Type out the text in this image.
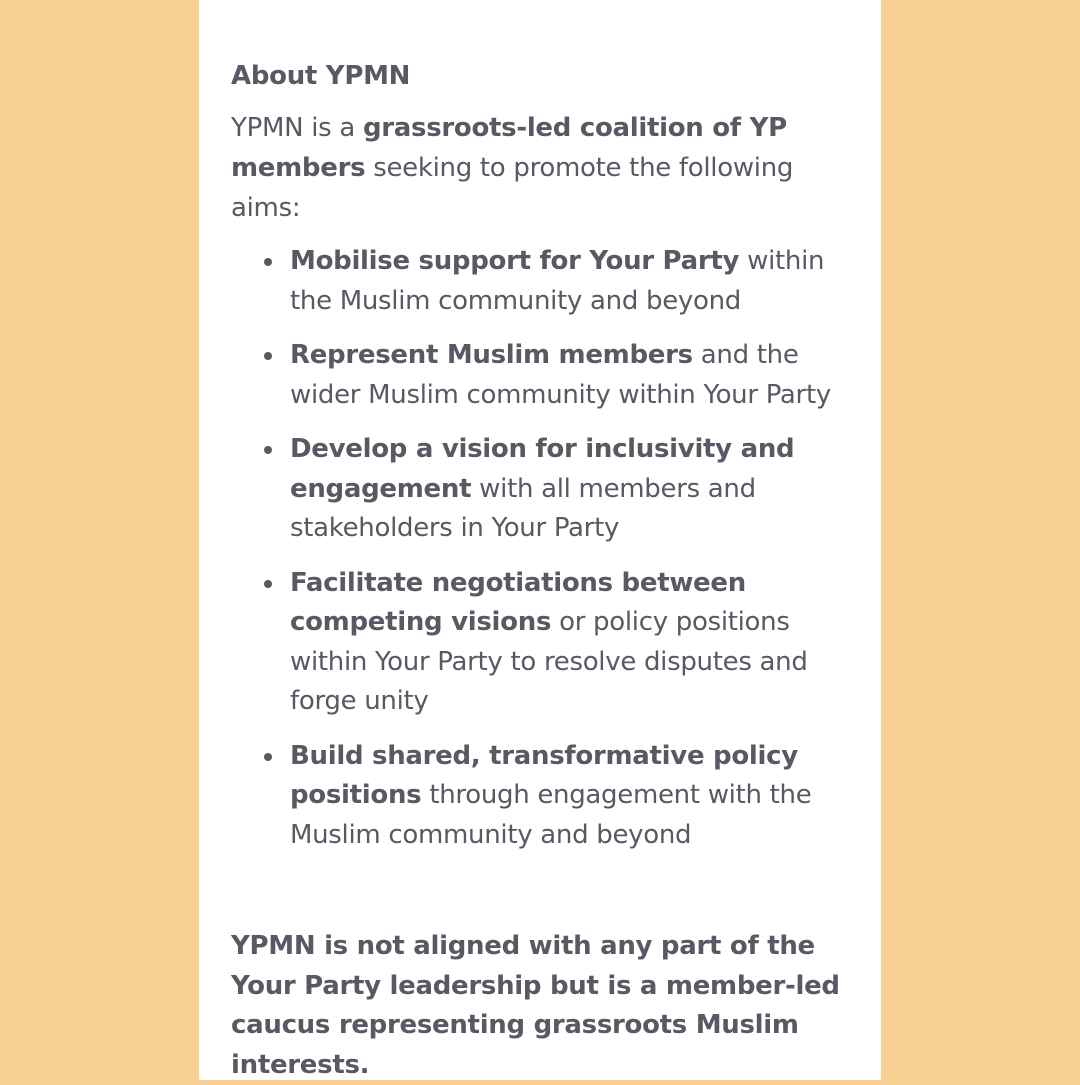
About YPMN

YPMN is a grassroots-led coalition of YP members seeking to promote the following aims:

Mobilise support for Your Party within the Muslim community and beyond
Represent Muslim members and the wider Muslim community within Your Party
Develop a vision for inclusivity and engagement with all members and stakeholders in Your Party
Facilitate negotiations between competing visions or policy positions within Your Party to resolve disputes and forge unity
Build shared, transformative policy positions through engagement with the Muslim community and beyond

YPMN is not aligned with any part of the Your Party leadership but is a member-led caucus representing grassroots Muslim interests.
